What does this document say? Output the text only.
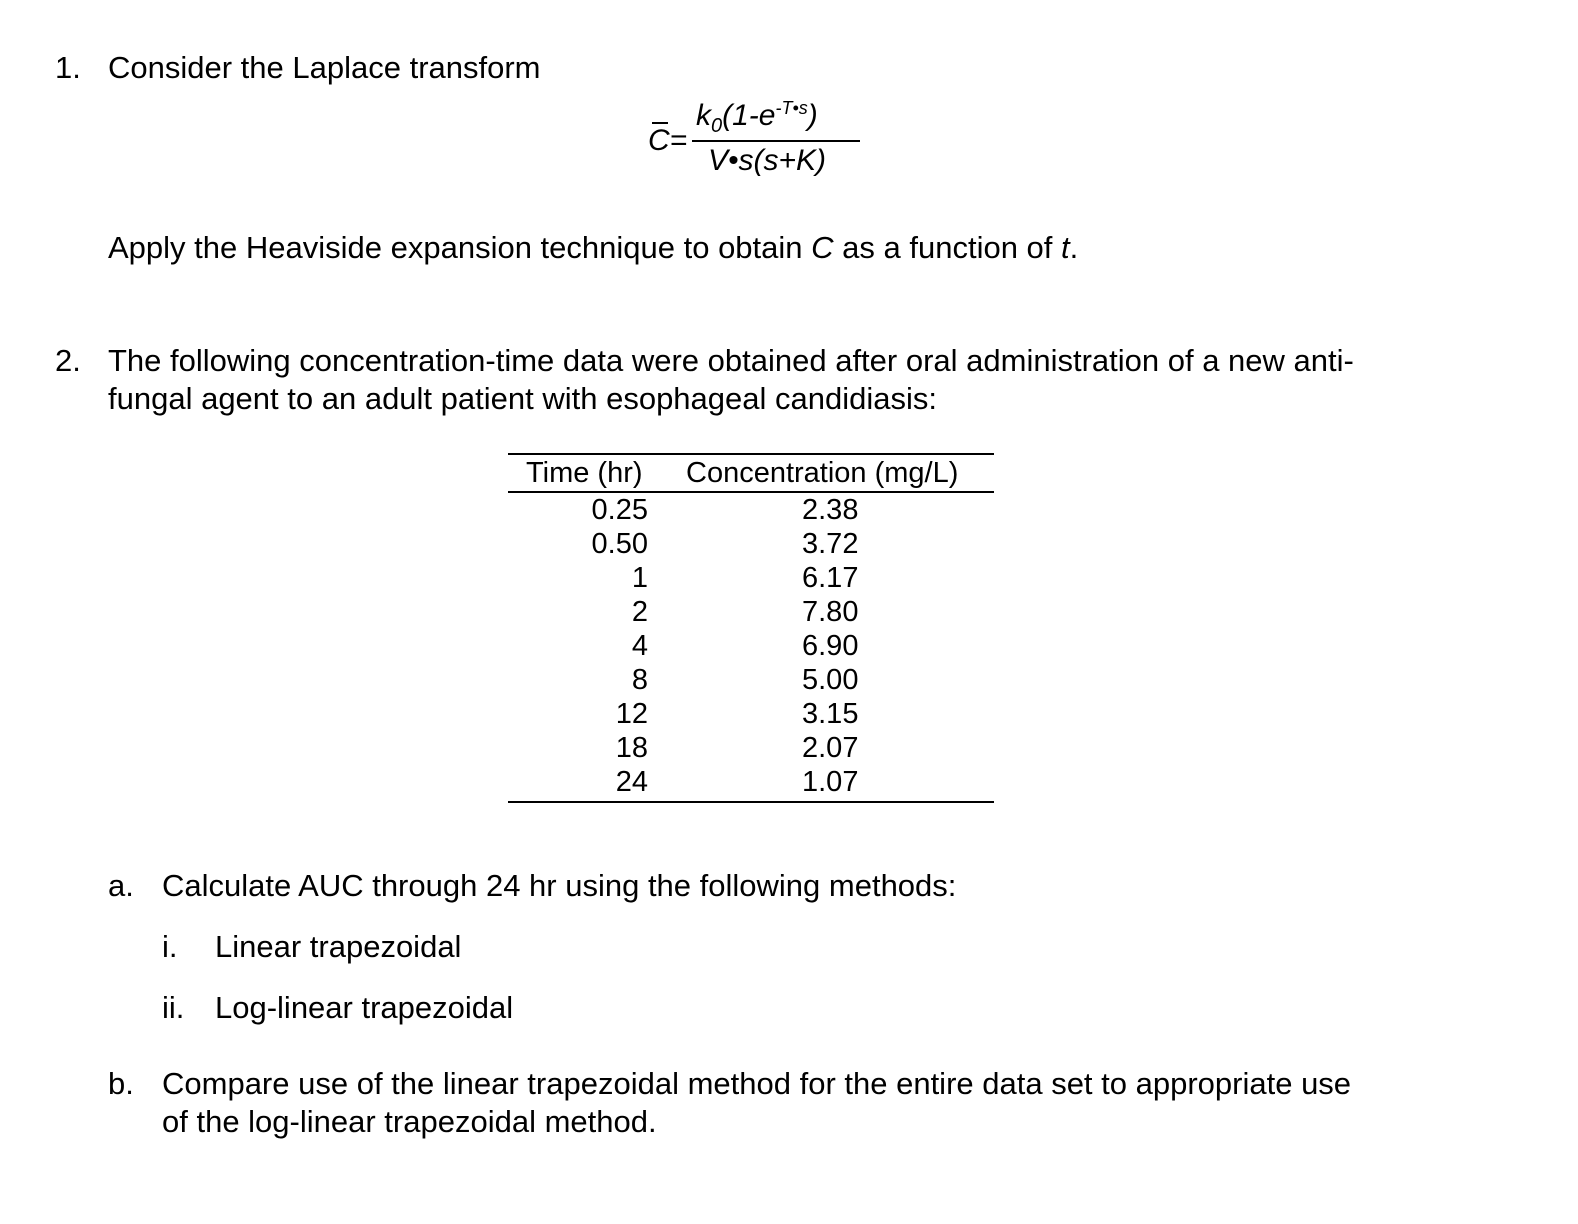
1. Consider the Laplace transform
C=
$k_0(1-e^{-T•s})$
V•s(s+K)
Apply the Heaviside expansion technique to obtain C as a function of t.
2. The following concentration-time data were obtained after oral administration of a new anti-
fungal agent to an adult patient with esophageal candidiasis:
Time (hr) Concentration (mg/L)
0.25	2.38
0.50	3.72
1	6.17
2	7.80
4	6.90
8	5.00
12	3.15
18	2.07
24	1.07
a. Calculate AUC through 24 hr using the following methods:
i. Linear trapezoidal
ii. Log-linear trapezoidal
b. Compare use of the linear trapezoidal method for the entire data set to appropriate use
of the log-linear trapezoidal method.
